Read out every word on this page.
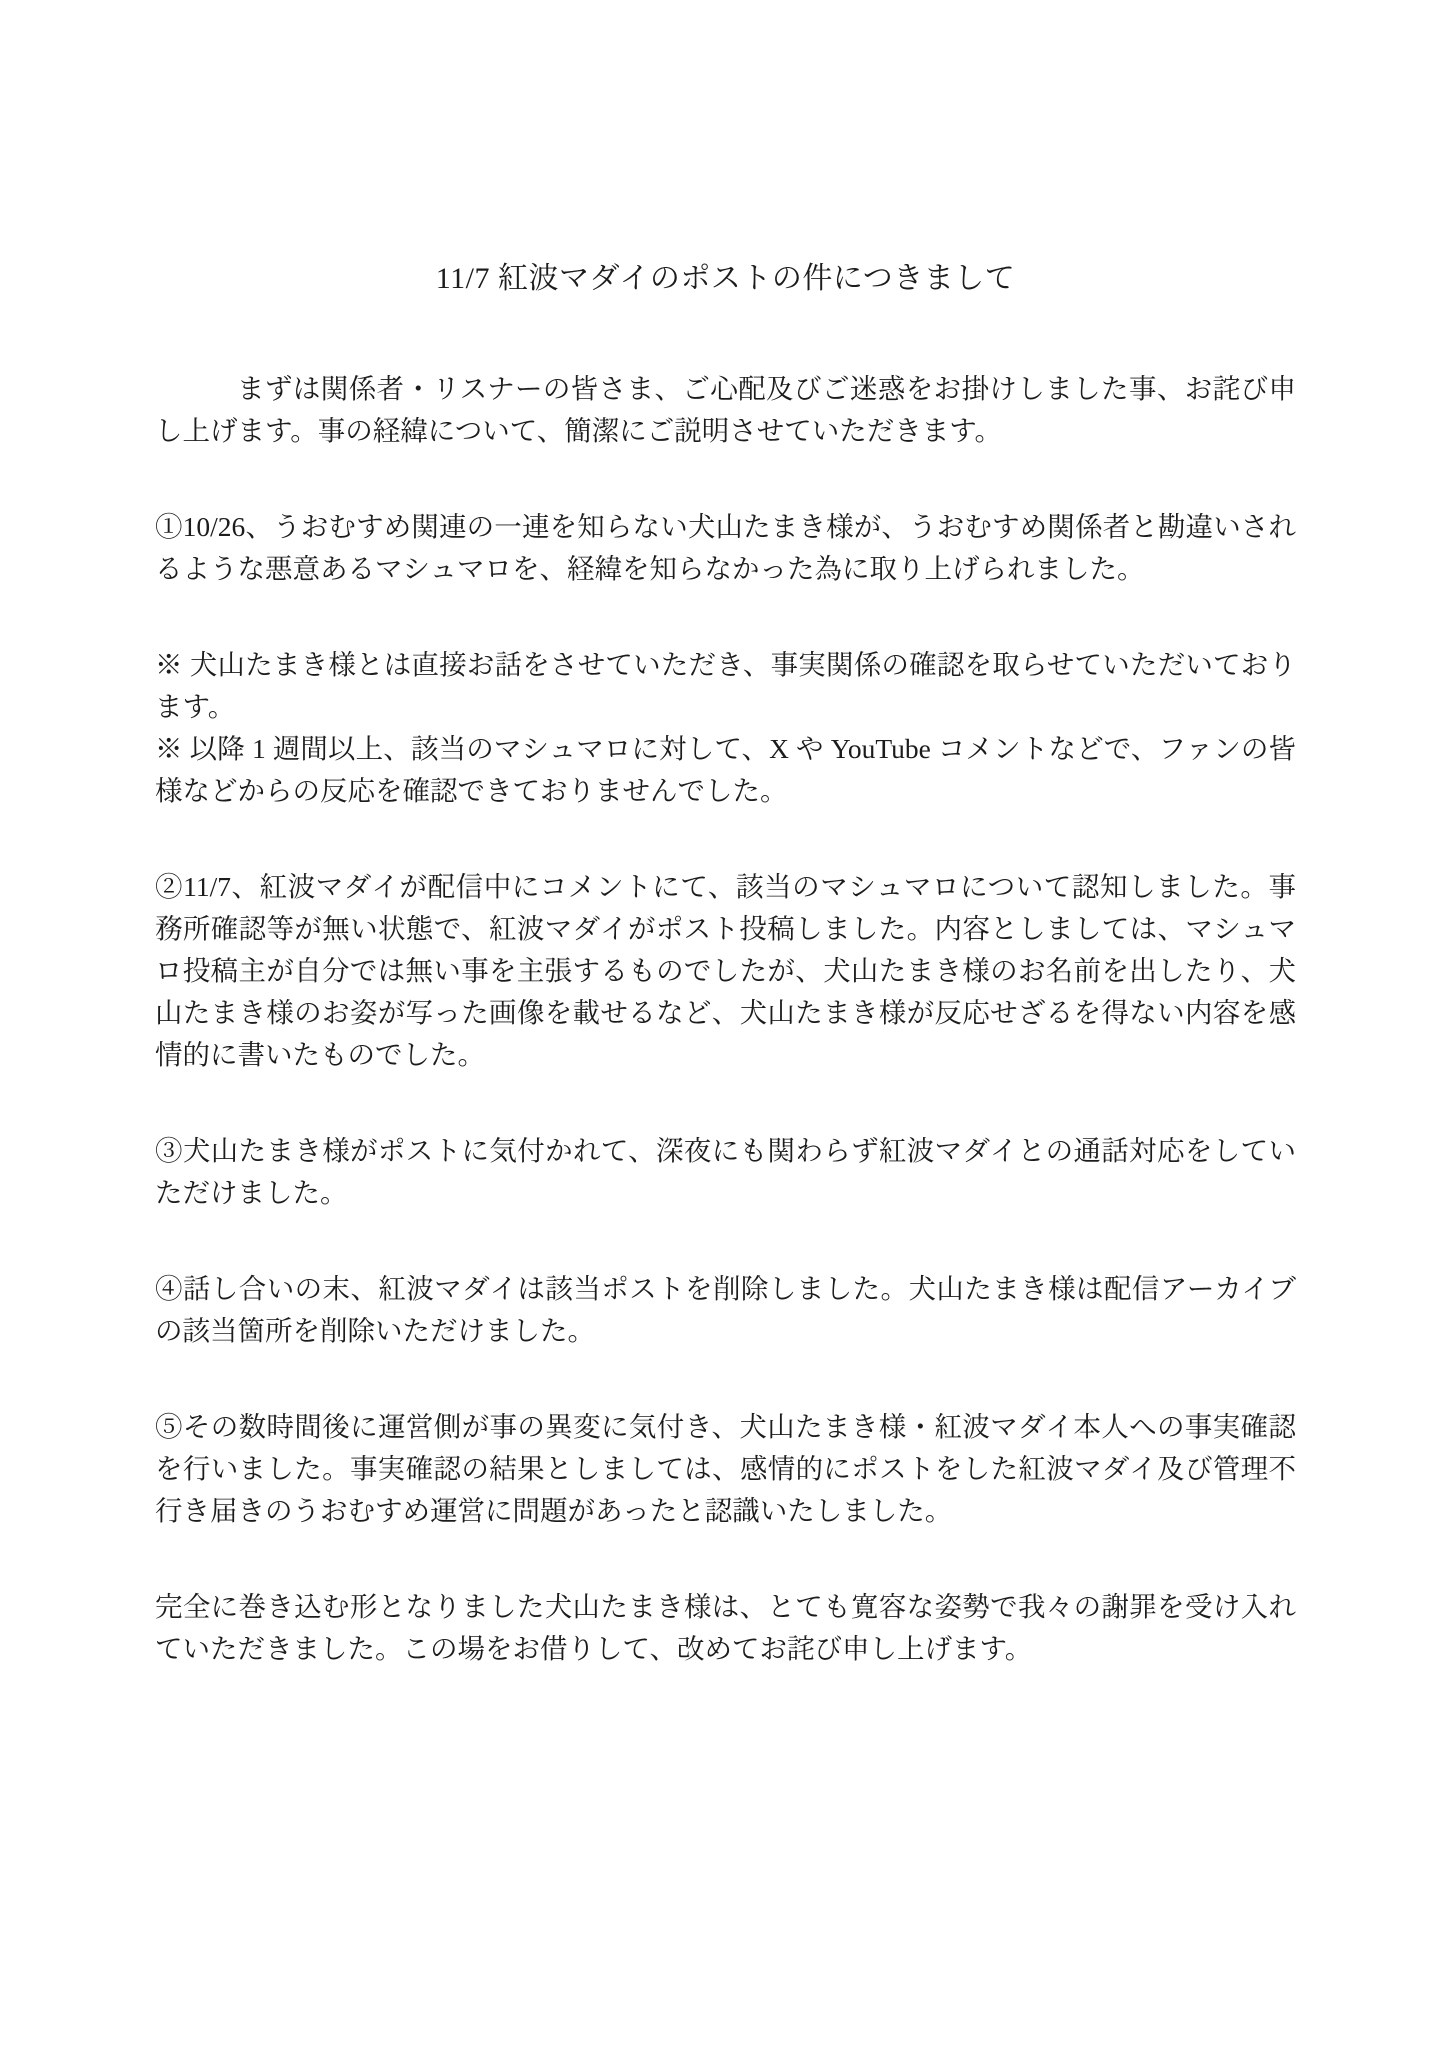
11/7 紅波マダイのポストの件につきまして

まずは関係者・リスナーの皆さま、ご心配及びご迷惑をお掛けしました事、お詫び申し上げます。事の経緯について、簡潔にご説明させていただきます。

①10/26、うおむすめ関連の一連を知らない犬山たまき様が、うおむすめ関係者と勘違いされるような悪意あるマシュマロを、経緯を知らなかった為に取り上げられました。

※ 犬山たまき様とは直接お話をさせていただき、事実関係の確認を取らせていただいております。

※ 以降 1 週間以上、該当のマシュマロに対して、X や YouTube コメントなどで、ファンの皆様などからの反応を確認できておりませんでした。

②11/7、紅波マダイが配信中にコメントにて、該当のマシュマロについて認知しました。事務所確認等が無い状態で、紅波マダイがポスト投稿しました。内容としましては、マシュマロ投稿主が自分では無い事を主張するものでしたが、犬山たまき様のお名前を出したり、犬山たまき様のお姿が写った画像を載せるなど、犬山たまき様が反応せざるを得ない内容を感情的に書いたものでした。

③犬山たまき様がポストに気付かれて、深夜にも関わらず紅波マダイとの通話対応をしていただけました。

④話し合いの末、紅波マダイは該当ポストを削除しました。犬山たまき様は配信アーカイブの該当箇所を削除いただけました。

⑤その数時間後に運営側が事の異変に気付き、犬山たまき様・紅波マダイ本人への事実確認を行いました。事実確認の結果としましては、感情的にポストをした紅波マダイ及び管理不行き届きのうおむすめ運営に問題があったと認識いたしました。

完全に巻き込む形となりました犬山たまき様は、とても寛容な姿勢で我々の謝罪を受け入れていただきました。この場をお借りして、改めてお詫び申し上げます。
